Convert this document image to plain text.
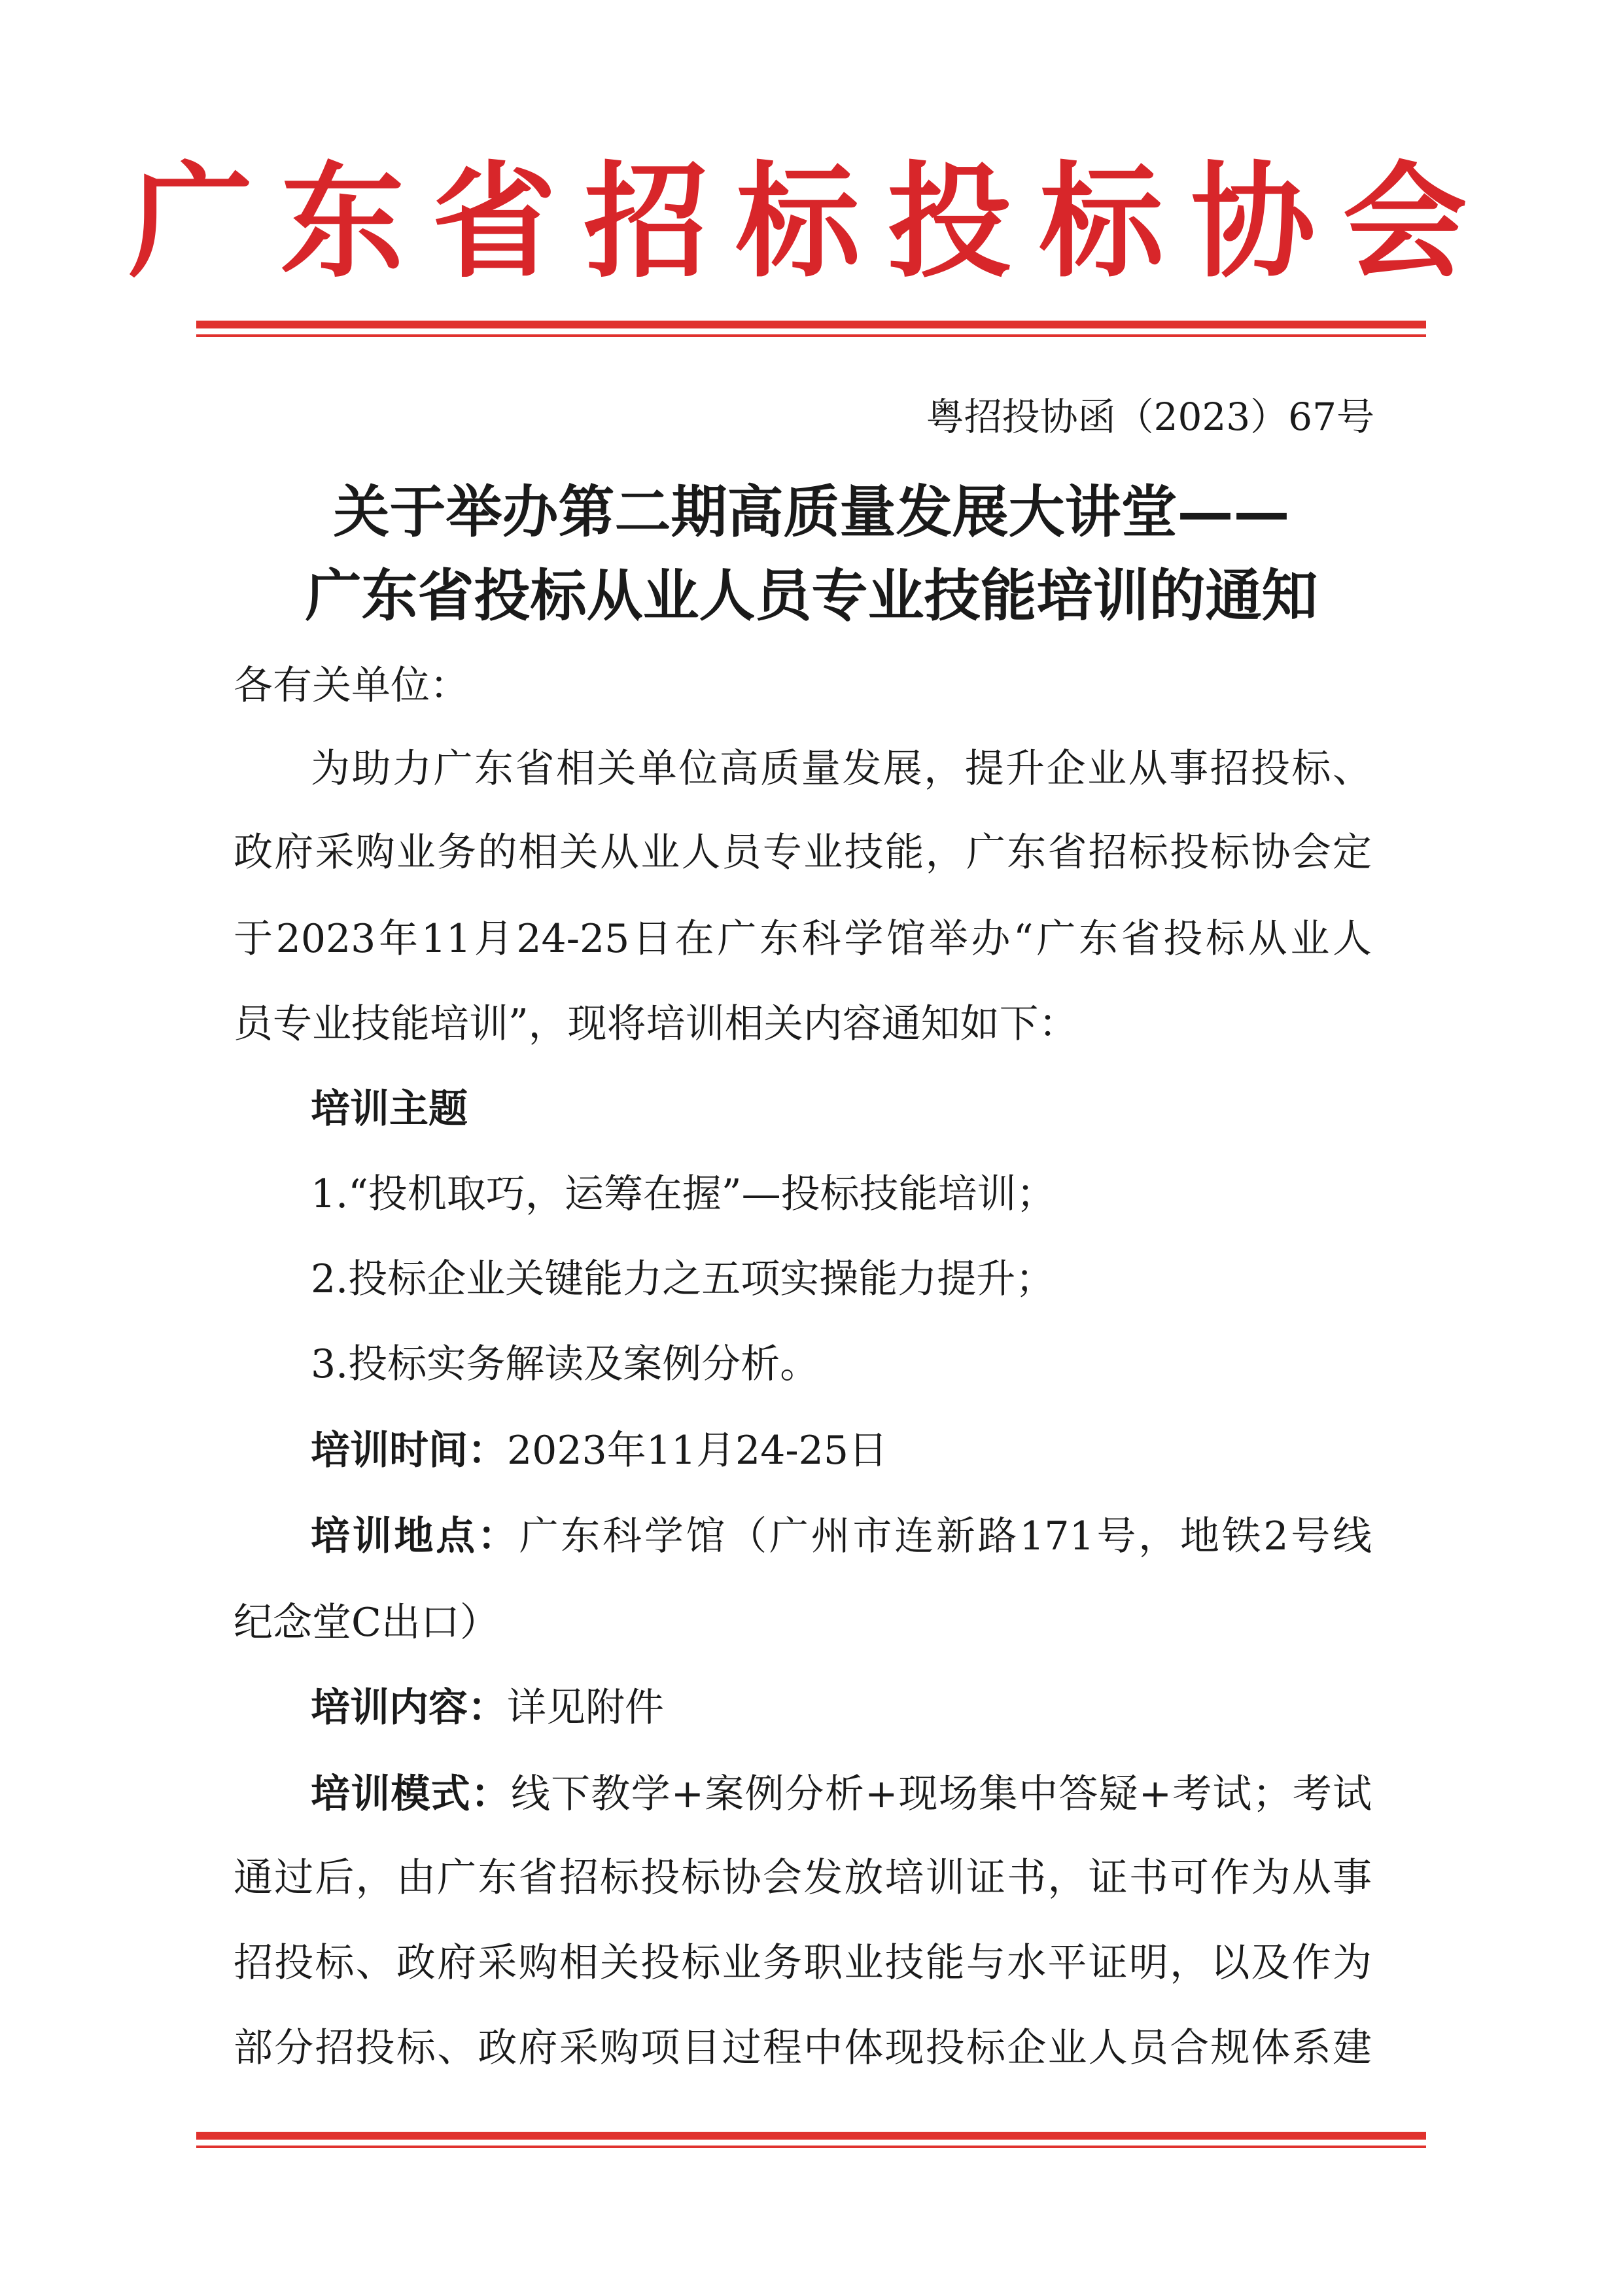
广东省招标投标协会
粤招投协函（2023）67号
关于举办第二期高质量发展大讲堂——
广东省投标从业人员专业技能培训的通知
各有关单位：
为助力广东省相关单位高质量发展，提升企业从事招投标、
政府采购业务的相关从业人员专业技能，广东省招标投标协会定
于2023年11月24-25日在广东科学馆举办“广东省投标从业人
员专业技能培训”，现将培训相关内容通知如下：
培训主题
1.“投机取巧，运筹在握”—投标技能培训；
2.投标企业关键能力之五项实操能力提升；
3.投标实务解读及案例分析。
培训时间：2023年11月24-25日
培训地点：广东科学馆（广州市连新路171号，地铁2号线
纪念堂C出口）
培训内容：详见附件
培训模式：线下教学+案例分析+现场集中答疑+考试；考试
通过后，由广东省招标投标协会发放培训证书，证书可作为从事
招投标、政府采购相关投标业务职业技能与水平证明，以及作为
部分招投标、政府采购项目过程中体现投标企业人员合规体系建
